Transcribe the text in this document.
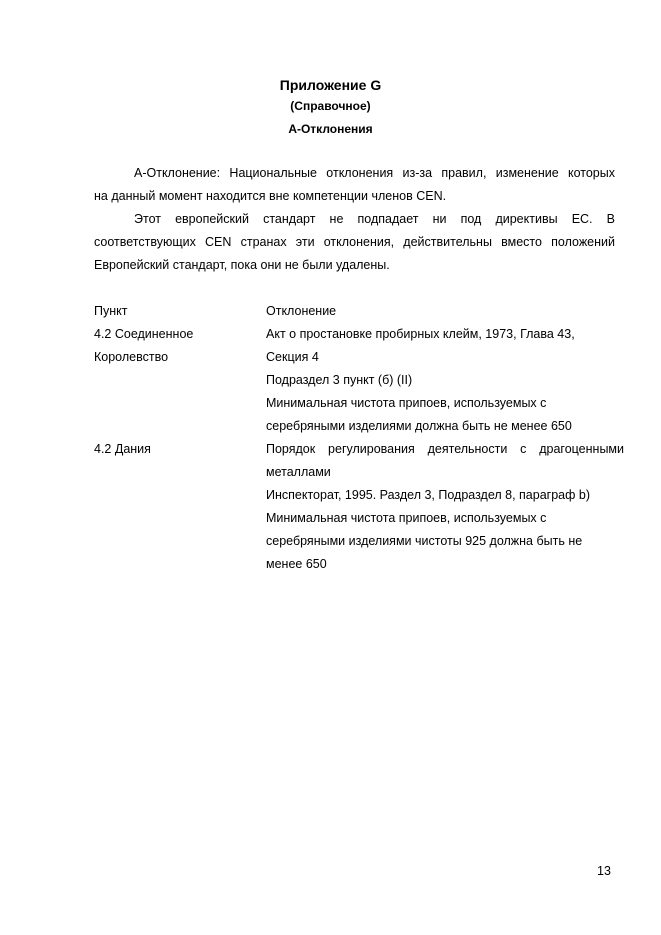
Приложение G
(Справочное)
А-Отклонения
А-Отклонение: Национальные отклонения из-за правил, изменение которых
на данный момент находится вне компетенции членов CEN.
Этот европейский стандарт не подпадает ни под директивы ЕС. В
соответствующих CEN странах эти отклонения, действительны вместо положений
Европейский стандарт, пока они не были удалены.
Пункт	Отклонение
4.2 Соединенное
Королевство
Акт о простановке пробирных клейм, 1973, Глава 43,
Секция 4
Подраздел 3 пункт (б) (II)
Минимальная чистота припоев, используемых с
серебряными изделиями должна быть не менее 650
4.2 Дания	Порядок регулирования деятельности с драгоценными
металлами
Инспекторат, 1995. Раздел 3, Подраздел 8, параграф b)
Минимальная чистота припоев, используемых с
серебряными изделиями чистоты 925 должна быть не
менее 650
13
